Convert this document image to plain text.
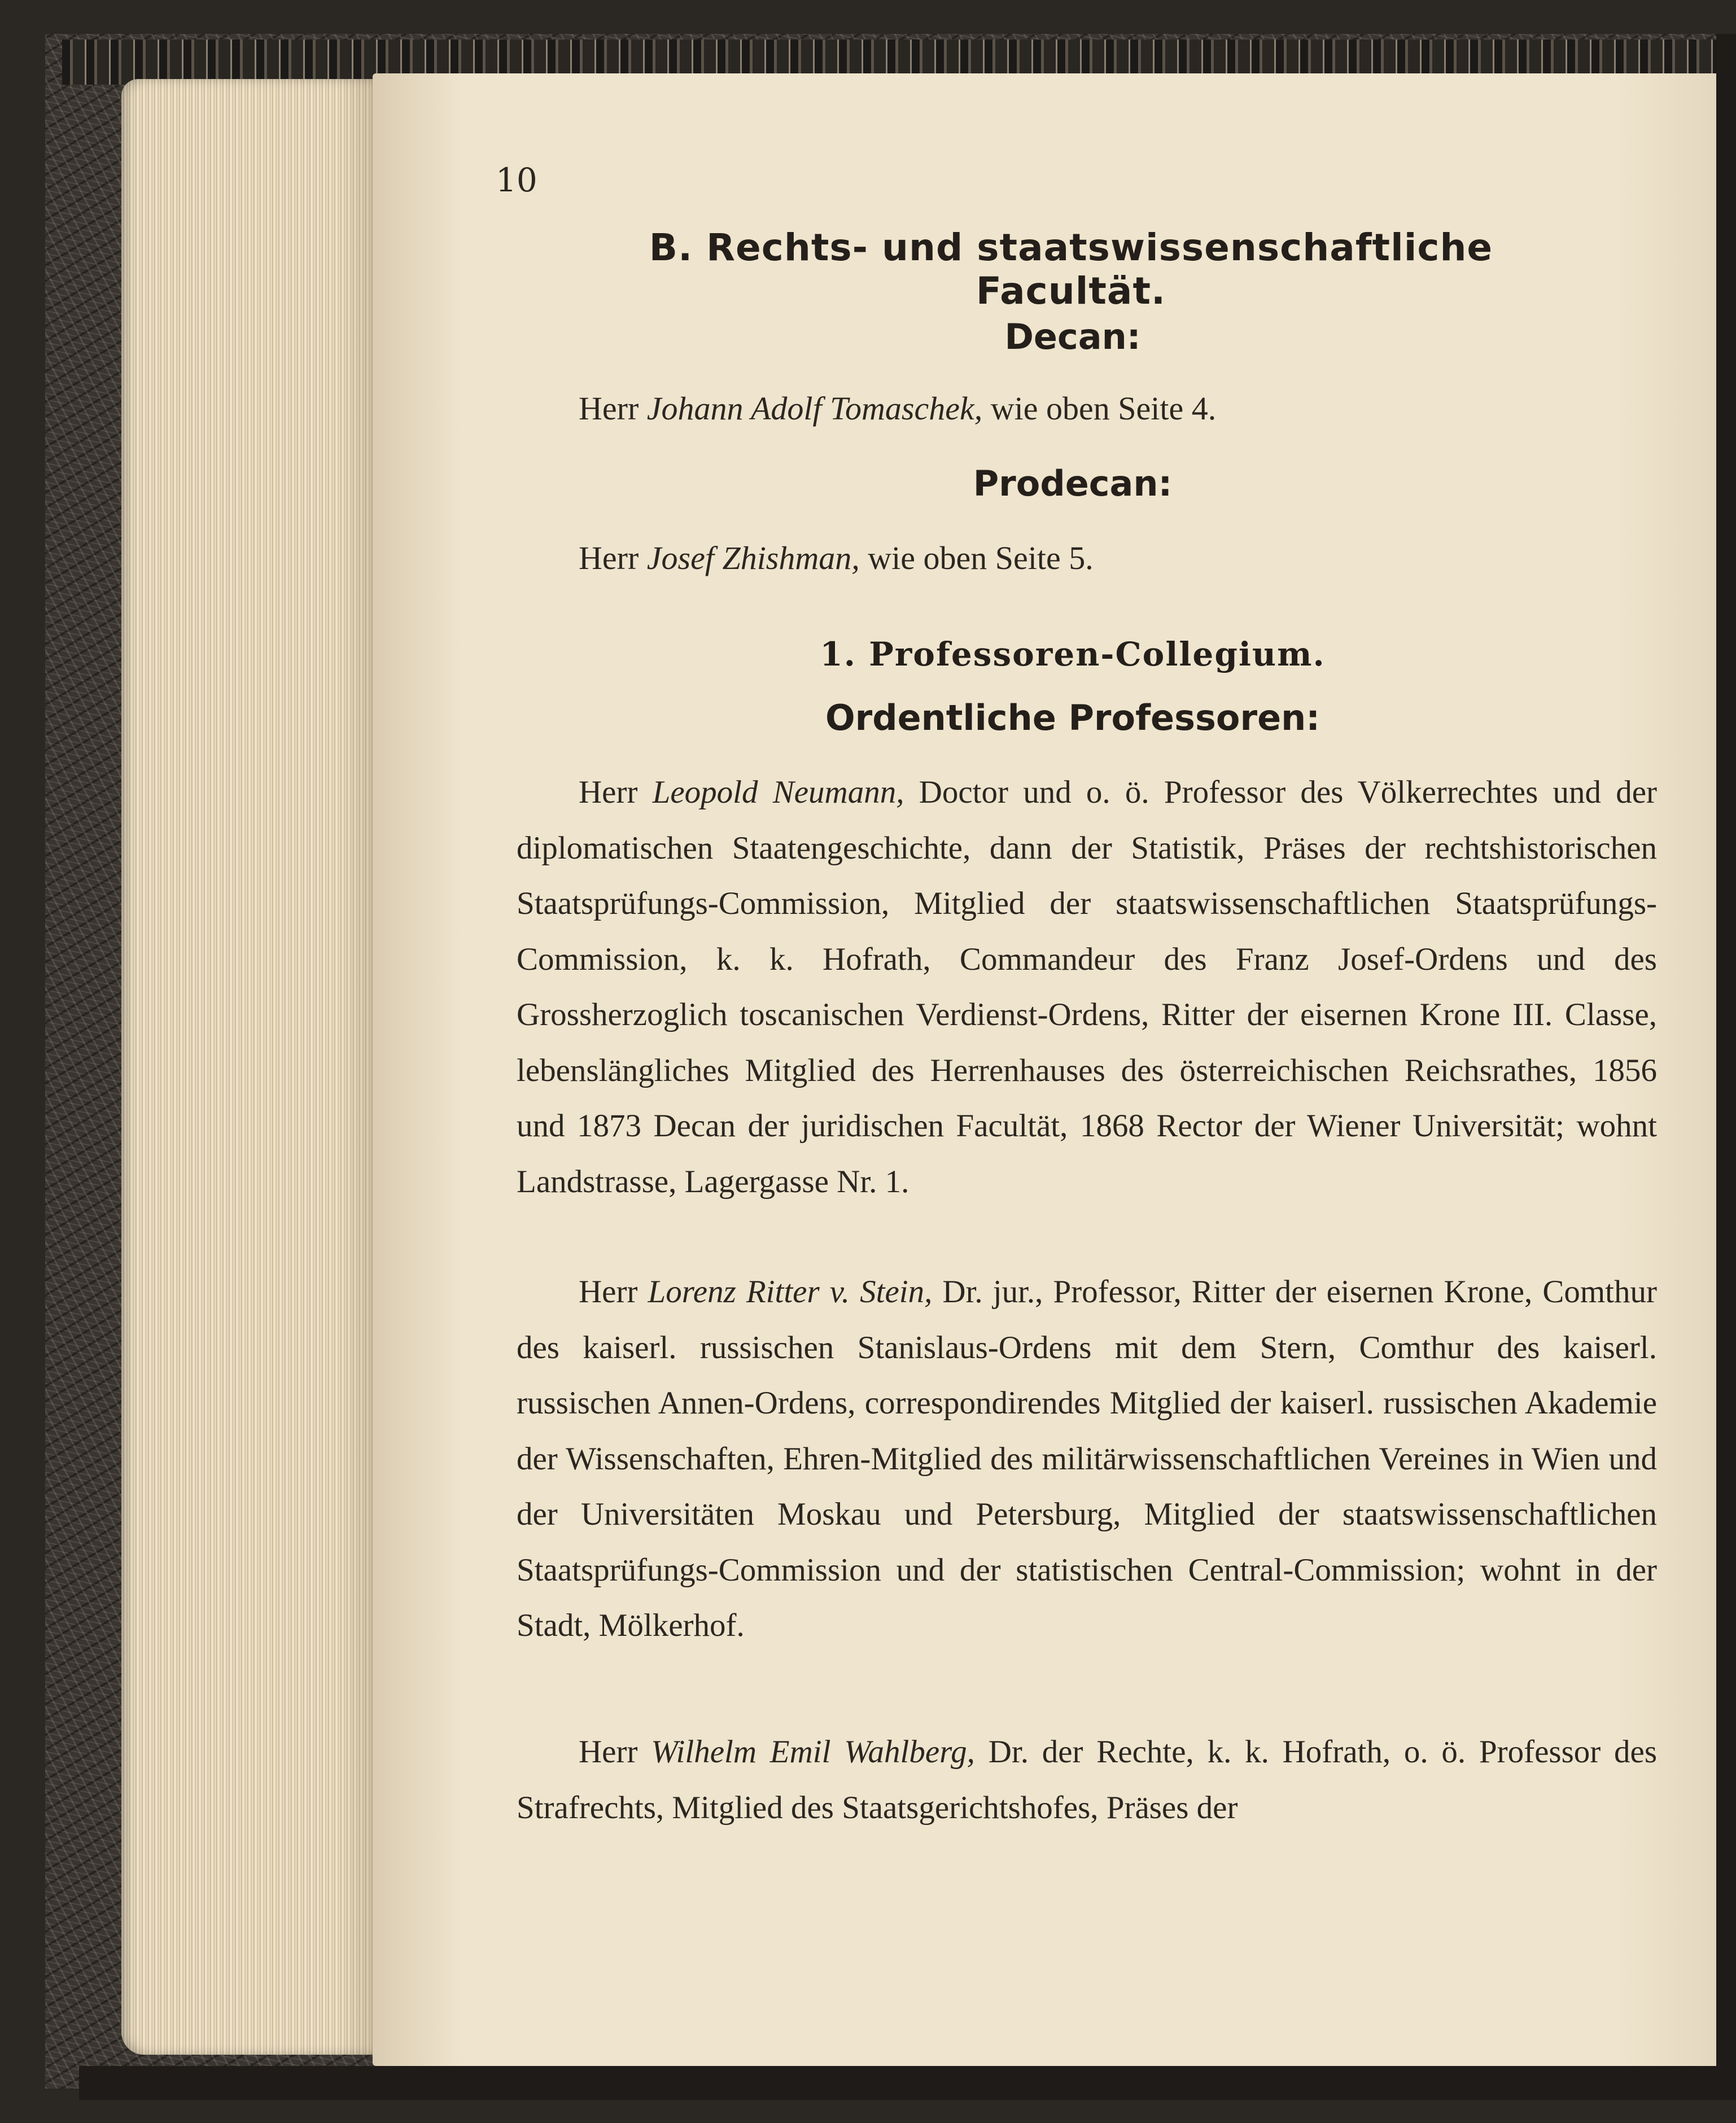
10
B. Rechts- und staatswissenschaftliche Facultät.
Decan:
Herr Johann Adolf Tomaschek, wie oben Seite 4.
Prodecan:
Herr Josef Zhishman, wie oben Seite 5.
1. Professoren-Collegium.
Ordentliche Professoren:
Herr Leopold Neumann, Doctor und o. ö. Professor des Völkerrechtes und der diplomatischen Staatengeschichte, dann der Statistik, Präses der rechtshistorischen Staatsprüfungs-Commission, Mitglied der staatswissenschaftlichen Staatsprüfungs-Commission, k. k. Hofrath, Commandeur des Franz Josef-Ordens und des Grossherzoglich toscanischen Verdienst-Ordens, Ritter der eisernen Krone III. Classe, lebenslängliches Mitglied des Herrenhauses des österreichischen Reichsrathes, 1856 und 1873 Decan der juridischen Facultät, 1868 Rector der Wiener Universität; wohnt Landstrasse, Lagergasse Nr. 1.
Herr Lorenz Ritter v. Stein, Dr. jur., Professor, Ritter der eisernen Krone, Comthur des kaiserl. russischen Stanislaus-Ordens mit dem Stern, Comthur des kaiserl. russischen Annen-Ordens, correspondirendes Mitglied der kaiserl. russischen Akademie der Wissenschaften, Ehren-Mitglied des militärwissenschaftlichen Vereines in Wien und der Universitäten Moskau und Petersburg, Mitglied der staatswissenschaftlichen Staatsprüfungs-Commission und der statistischen Central-Commission; wohnt in der Stadt, Mölkerhof.
Herr Wilhelm Emil Wahlberg, Dr. der Rechte, k. k. Hofrath, o. ö. Professor des Strafrechts, Mitglied des Staatsgerichtshofes, Präses der
